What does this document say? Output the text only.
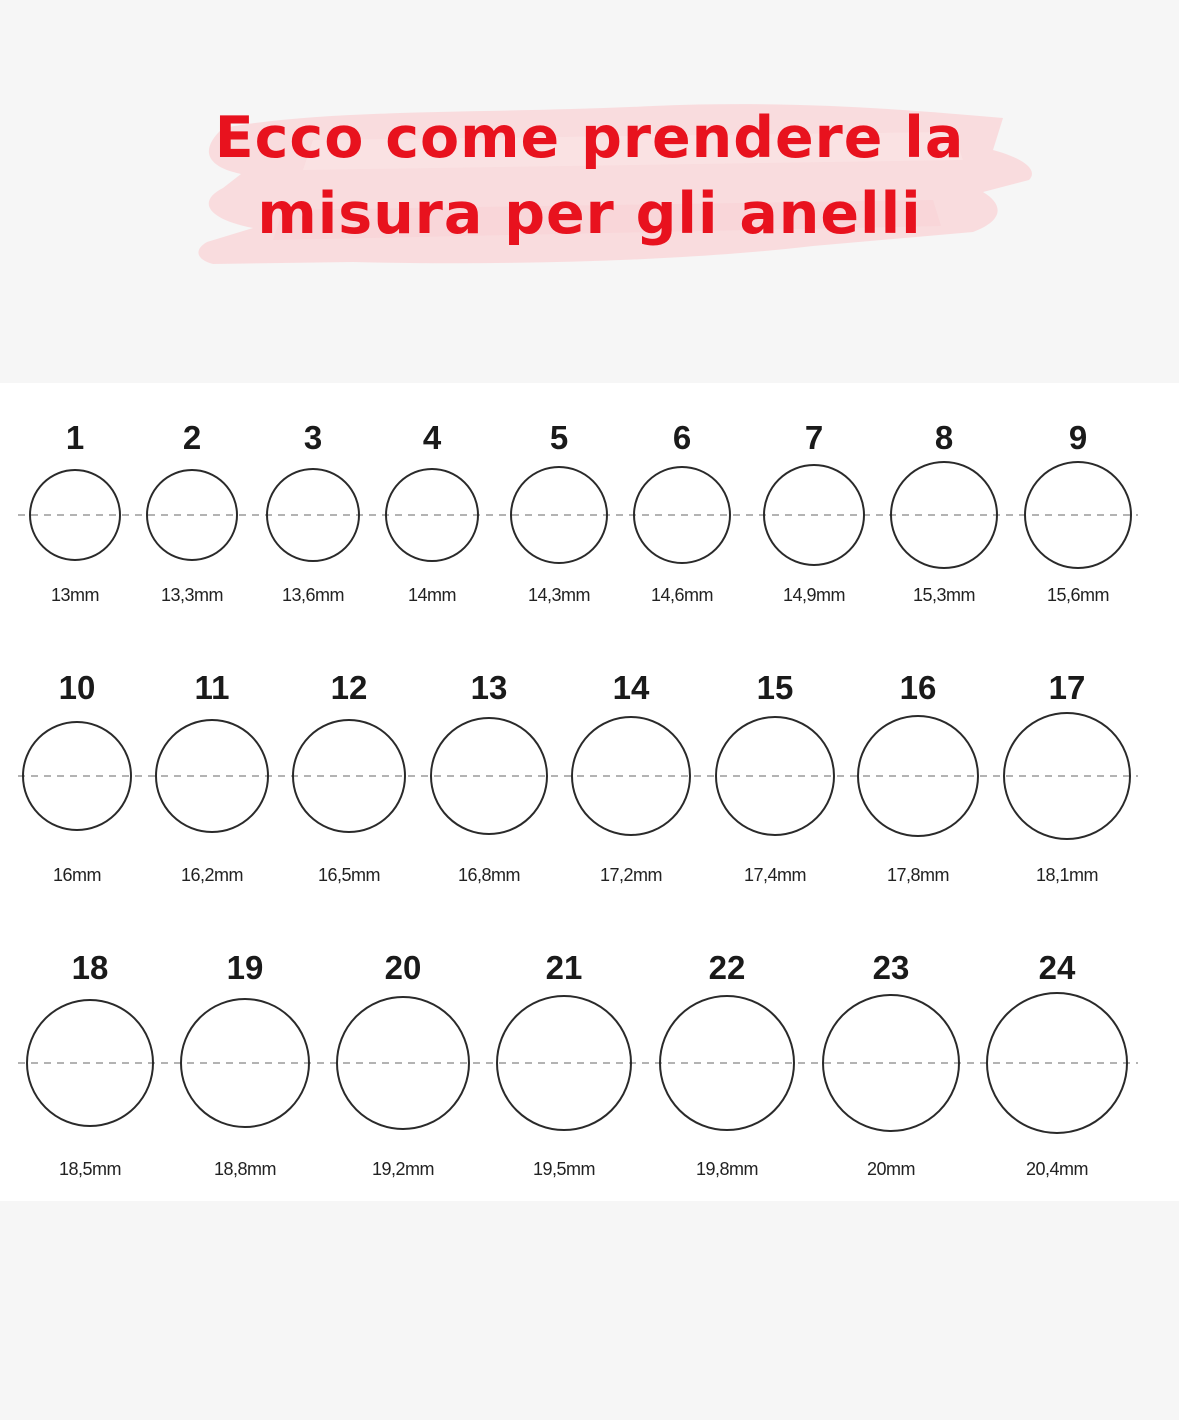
Ecco come prendere la
misura per gli anelli
1
13mm
2
13,3mm
3
13,6mm
4
14mm
5
14,3mm
6
14,6mm
7
14,9mm
8
15,3mm
9
15,6mm
10
16mm
11
16,2mm
12
16,5mm
13
16,8mm
14
17,2mm
15
17,4mm
16
17,8mm
17
18,1mm
18
18,5mm
19
18,8mm
20
19,2mm
21
19,5mm
22
19,8mm
23
20mm
24
20,4mm
